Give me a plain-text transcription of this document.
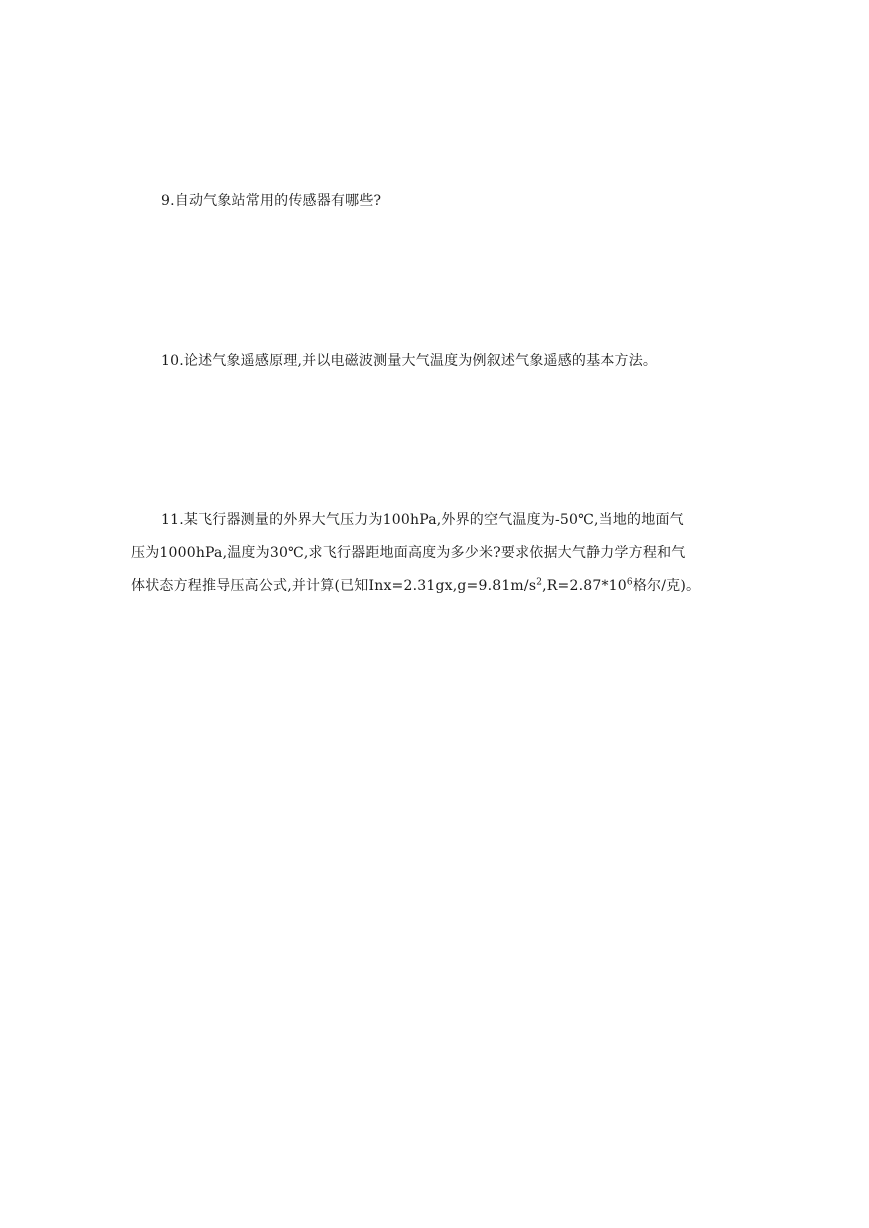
9.自动气象站常用的传感器有哪些?

10.论述气象遥感原理,并以电磁波测量大气温度为例叙述气象遥感的基本方法。

11.某飞行器测量的外界大气压力为100hPa,外界的空气温度为-50℃,当地的地面气
压为1000hPa,温度为30℃,求飞行器距地面高度为多少米?要求依据大气静力学方程和气
体状态方程推导压高公式,并计算(已知$Inx=2.31gx,g=9.81m/s^2,R=2.87*10^6$格尔/克)。
